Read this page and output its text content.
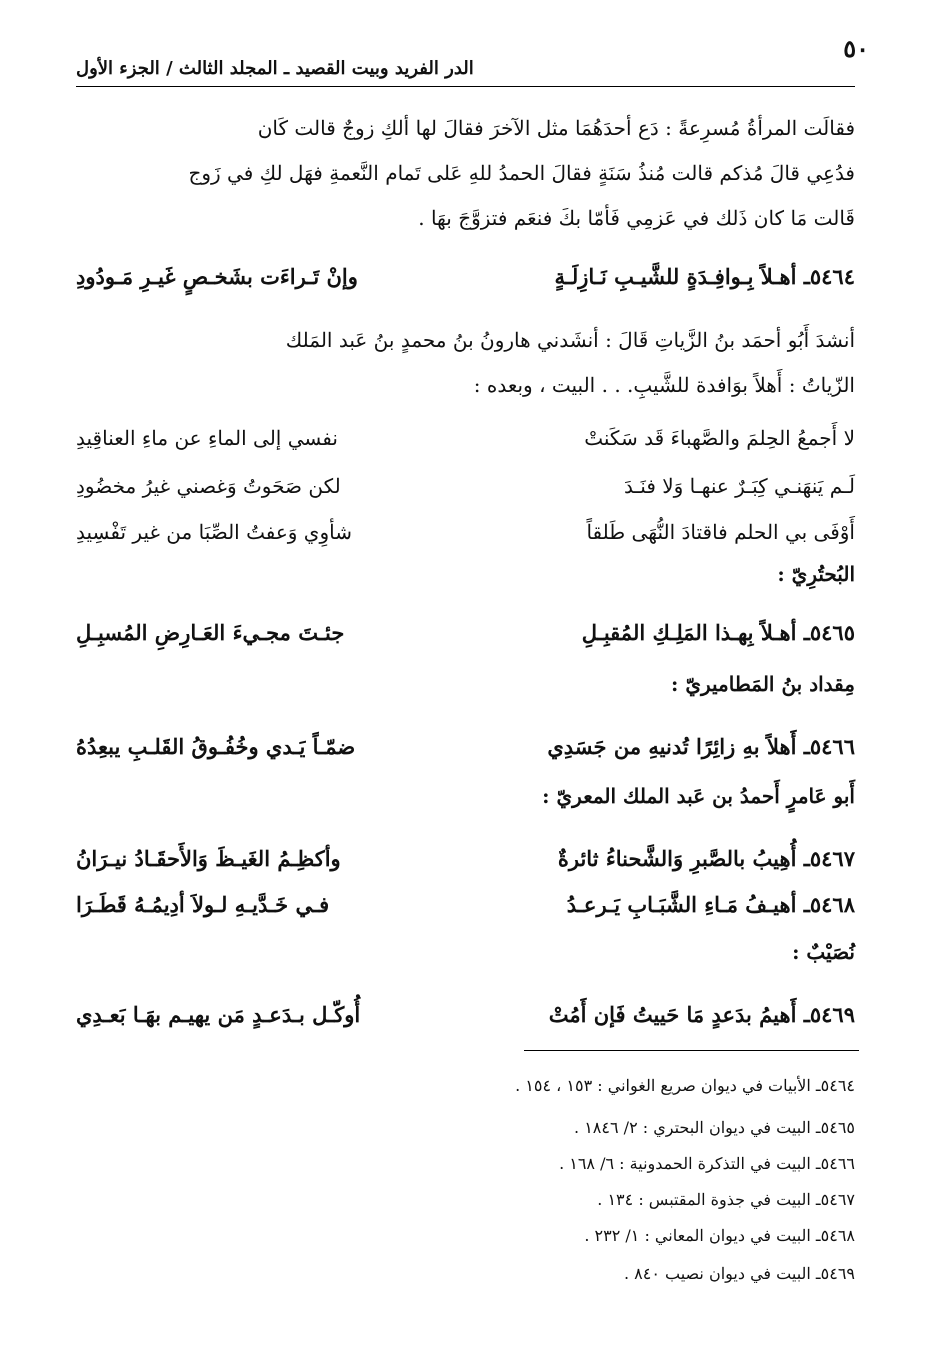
٥٠
الدر الفريد وبيت القصيد ـ المجلد الثالث / الجزء الأول
فقالَت المرأةُ مُسرِعةً : دَع أحدَهُمَا مثل الآخرَ فقالَ لها ألكِ زوجٌ قالت كَان
فدُعِي قالَ مُذكم قالت مُنذُ سَنَةٍ فقالَ الحمدُ للهِ عَلى تَمام النَّعمةِ فهَل لكِ في زَوج
قَالت مَا كان ذَلك في عَزمِي فَأمّا بكَ فنعَم فتزوَّجَ بهَا .
٥٤٦٤ـ أهـلاً بِـوافِـدَةٍ للشَّيـبِ نَـازِلَـةٍ
وإنْ تَـراءَت بشَخـصٍ غَيـرِ مَـودُودِ
أنشدَ أَبُو أحمَد بنُ الزَّياتِ قَالَ : أنشَدني هارونُ بنُ محمدٍ بنُ عَبد المَلك
الزّياتُ : أَهلاً بوَافدة للشَّيبِ. . . البيت ، وبعده :
لا أَجمعُ الحِلمَ والصَّهباءَ قَد سَكَنتْ
نفسي إلى الماءِ عن ماءِ العناقِيدِ
لَـم يَنهَنـي كِبَـرٌ عنهـا وَلا فنَـدَ
لكن صَحَوتُ وَغصني غيرُ مخضُودِ
أَوْفَى بي الحلم فاقتادَ النُّهَى طَلقاً
شأوِي وَعفتُ الصِّبَا من غير تَفْسِيدِ
البُحتُرِيّ :
٥٤٦٥ـ أهـلاً بِهـذا المَلِـكِ المُقبِـلِ
جئـتَ مجـيءَ العَـارِضِ المُسبِـلِ
مِقداد بنُ المَطاميريّ :
٥٤٦٦ـ أَهلاً بهِ زائِرًا تُدنيهِ من جَسَدِي
ضمّـاً يَـدي وخُفُـوقُ القَلـبِ يبعِدُهُ
أَبو عَامرٍ أَحمدُ بن عَبد الملك المعريّ :
٥٤٦٧ـ أُهِيبُ بالصَّبرِ وَالشَّحناءُ ثائرةٌ
وأكظِـمُ الغَيـظَ وَالأَحقَـادُ نيـرَانُ
٥٤٦٨ـ أهيـفُ مَـاءِ الشَّبَـابِ يَـرعـدُ
فـي خَـدَّيـهِ لـولاَ أدِيمُـهُ قَطَـرَا
نُصَيْبٌ :
٥٤٦٩ـ أَهيمُ بدَعدٍ مَا حَييتُ فَإن أَمُتْ
أُوكّـل بـدَعـدٍ مَن يهيـم بهَـا بَعـدِي
٥٤٦٤ـ الأبيات في ديوان صريع الغواني : ١٥٣ ، ١٥٤ .
٥٤٦٥ـ البيت في ديوان البحتري : ٢/ ١٨٤٦ .
٥٤٦٦ـ البيت في التذكرة الحمدونية : ٦/ ١٦٨ .
٥٤٦٧ـ البيت في جذوة المقتبس : ١٣٤ .
٥٤٦٨ـ البيت في ديوان المعاني : ١/ ٢٣٢ .
٥٤٦٩ـ البيت في ديوان نصيب ٨٤٠ .
